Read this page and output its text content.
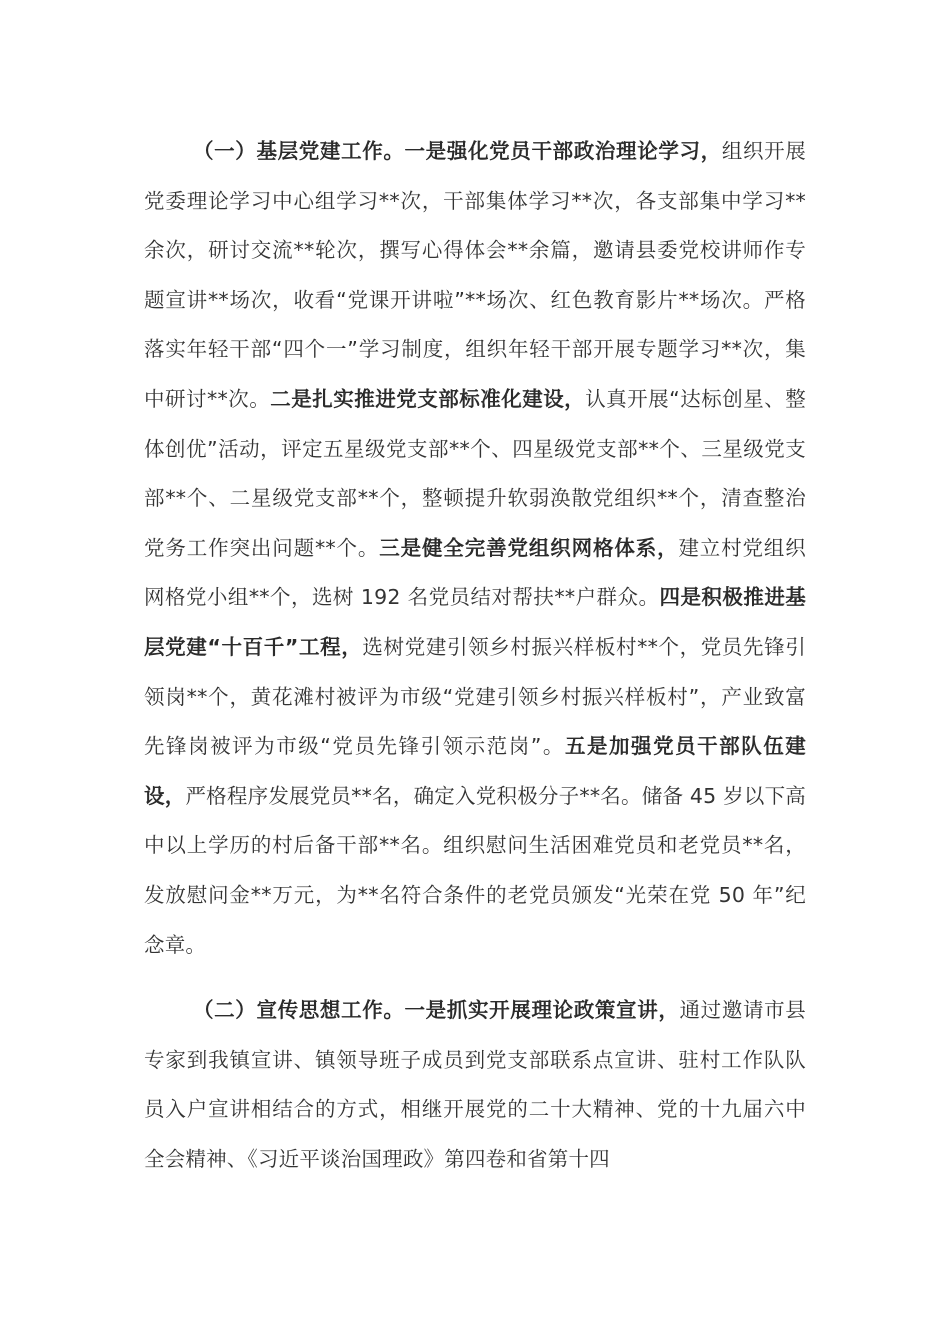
（一）基层党建工作。一是强化党员干部政治理论学习，组织开展党委理论学习中心组学习**次，干部集体学习**次，各支部集中学习**余次，研讨交流**轮次，撰写心得体会**余篇，邀请县委党校讲师作专题宣讲**场次，收看“党课开讲啦”**场次、红色教育影片**场次。严格落实年轻干部“四个一”学习制度，组织年轻干部开展专题学习**次，集中研讨**次。二是扎实推进党支部标准化建设，认真开展“达标创星、整体创优”活动，评定五星级党支部**个、四星级党支部**个、三星级党支部**个、二星级党支部**个，整顿提升软弱涣散党组织**个，清查整治党务工作突出问题**个。三是健全完善党组织网格体系，建立村党组织网格党小组**个，选树 192 名党员结对帮扶**户群众。四是积极推进基层党建“十百千”工程，选树党建引领乡村振兴样板村**个，党员先锋引领岗**个，黄花滩村被评为市级“党建引领乡村振兴样板村”，产业致富先锋岗被评为市级“党员先锋引领示范岗”。五是加强党员干部队伍建设，严格程序发展党员**名，确定入党积极分子**名。储备 45 岁以下高中以上学历的村后备干部**名。组织慰问生活困难党员和老党员**名，发放慰问金**万元，为**名符合条件的老党员颁发“光荣在党 50 年”纪念章。

（二）宣传思想工作。一是抓实开展理论政策宣讲，通过邀请市县专家到我镇宣讲、镇领导班子成员到党支部联系点宣讲、驻村工作队队员入户宣讲相结合的方式，相继开展党的二十大精神、党的十九届六中全会精神、《习近平谈治国理政》第四卷和省第十四
